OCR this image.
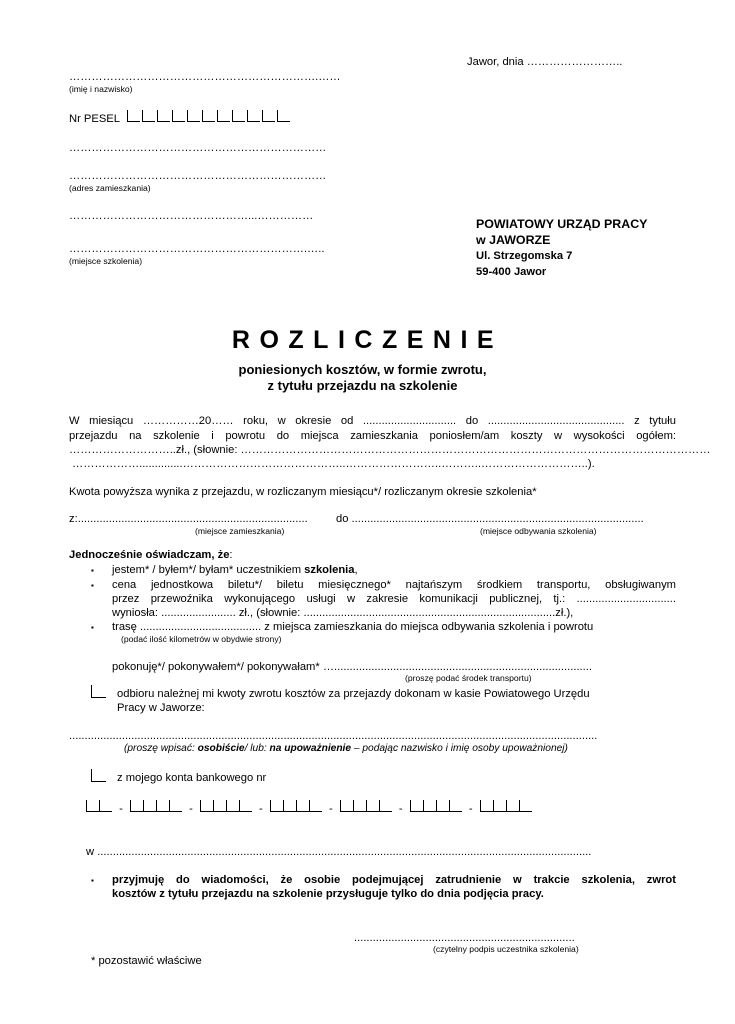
Jawor, dnia ……………………..
………………………………………………………….……
(imię i nazwisko)
Nr PESEL
……………………………………………………………
……………………………………………………………
(adres zamieszkania)
…………………………………………...……………
……………………………………………………….…..
(miejsce szkolenia)
POWIATOWY URZĄD PRACY
w JAWORZE
Ul. Strzegomska 7
59-400 Jawor
ROZLICZENIE
poniesionych kosztów, w formie zwrotu,
z tytułu przejazdu na szkolenie
W miesiącu ……………20…… roku, w okresie od .............................. do ............................................ z tytułu
przejazdu na szkolenie i powrotu do miejsca zamieszkania poniosłem/am koszty w wysokości ogółem:
………………………..zł., (słownie: ………………………………………………………………………………………………………………
………………..............……………………………………..……………………..………..………………………..).
Kwota powyższa wynika z przejazdu, w rozliczanym miesiącu*/ rozliczanym okresie szkolenia*
z:..........................................................................	do ..............................................................................................
(miejsce zamieszkania)	(miejsce odbywania szkolenia)
Jednocześnie oświadczam, że:
▪ jestem* / byłem*/ byłam* uczestnikiem szkolenia,
▪ cena jednostkowa biletu*/ biletu miesięcznego* najtańszym środkiem transportu, obsługiwanym
przez przewoźnika wykonującego usługi w zakresie komunikacji publicznej, tj.: ................................
wyniosła: ........................ zł., (słownie: .................................................................................zł.),
▪ trasę ....................................... z miejsca zamieszkania do miejsca odbywania szkolenia i powrotu
(podać ilość kilometrów w obydwie strony)
pokonuję*/ pokonywałem*/ pokonywałam* …...................................................................................
(proszę podać środek transportu)
odbioru należnej mi kwoty zwrotu kosztów za przejazdy dokonam w kasie Powiatowego Urzędu
Pracy w Jaworze:
..........................................................................................................................................................................
(proszę wpisać: osobiście/ lub: na upoważnienie – podając nazwisko i imię osoby upoważnionej)
z mojego konta bankowego nr
-	-	-	-	-	-
w ...............................................................................................................................................................
▪ przyjmuję do wiadomości, że osobie podejmującej zatrudnienie w trakcie szkolenia, zwrot
kosztów z tytułu przejazdu na szkolenie przysługuje tylko do dnia podjęcia pracy.
.......................................................................
(czytelny podpis uczestnika szkolenia)
* pozostawić właściwe
